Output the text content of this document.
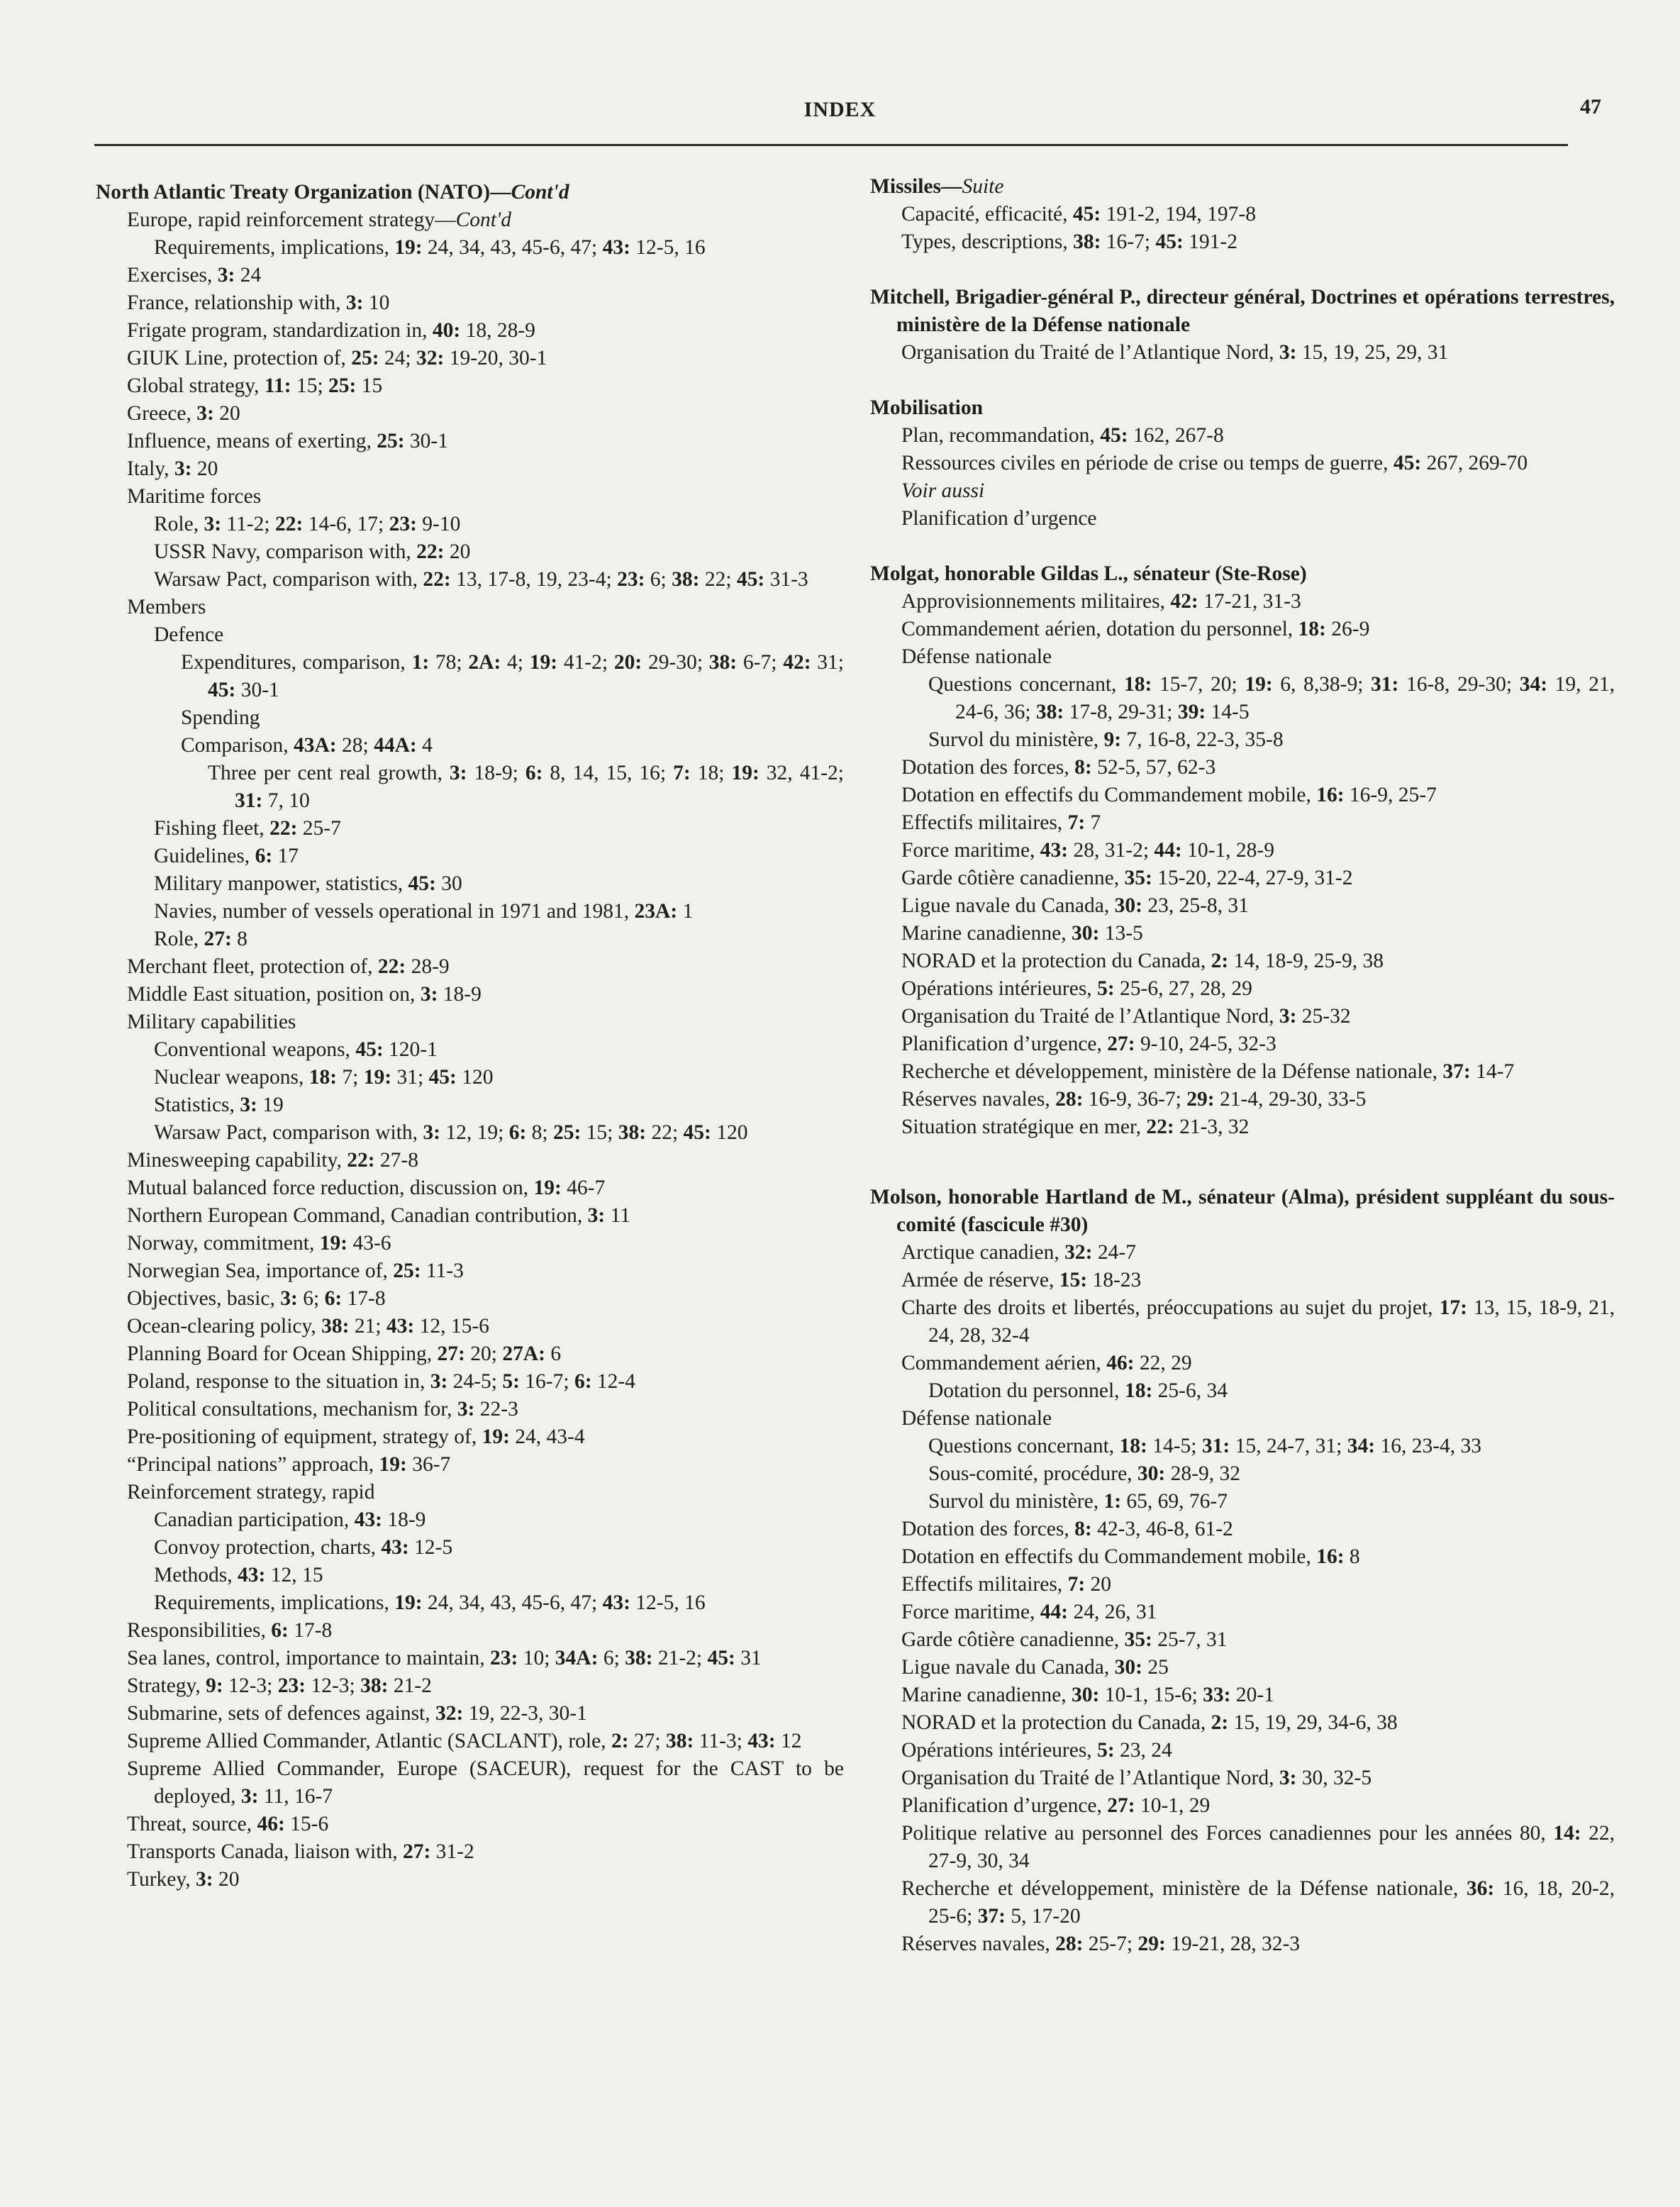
INDEX	47
North Atlantic Treaty Organization (NATO)—Cont'd
Europe, rapid reinforcement strategy—Cont'd
Requirements, implications, 19: 24, 34, 43, 45-6, 47; 43: 12-5, 16
Exercises, 3: 24
France, relationship with, 3: 10
Frigate program, standardization in, 40: 18, 28-9
GIUK Line, protection of, 25: 24; 32: 19-20, 30-1
Global strategy, 11: 15; 25: 15
Greece, 3: 20
Influence, means of exerting, 25: 30-1
Italy, 3: 20
Maritime forces
Role, 3: 11-2; 22: 14-6, 17; 23: 9-10
USSR Navy, comparison with, 22: 20
Warsaw Pact, comparison with, 22: 13, 17-8, 19, 23-4; 23: 6; 38: 22; 45: 31-3
Members
Defence
Expenditures, comparison, 1: 78; 2A: 4; 19: 41-2; 20: 29-30; 38: 6-7; 42: 31; 45: 30-1
Spending
Comparison, 43A: 28; 44A: 4
Three per cent real growth, 3: 18-9; 6: 8, 14, 15, 16; 7: 18; 19: 32, 41-2; 31: 7, 10
Fishing fleet, 22: 25-7
Guidelines, 6: 17
Military manpower, statistics, 45: 30
Navies, number of vessels operational in 1971 and 1981, 23A: 1
Role, 27: 8
Merchant fleet, protection of, 22: 28-9
Middle East situation, position on, 3: 18-9
Military capabilities
Conventional weapons, 45: 120-1
Nuclear weapons, 18: 7; 19: 31; 45: 120
Statistics, 3: 19
Warsaw Pact, comparison with, 3: 12, 19; 6: 8; 25: 15; 38: 22; 45: 120
Minesweeping capability, 22: 27-8
Mutual balanced force reduction, discussion on, 19: 46-7
Northern European Command, Canadian contribution, 3: 11
Norway, commitment, 19: 43-6
Norwegian Sea, importance of, 25: 11-3
Objectives, basic, 3: 6; 6: 17-8
Ocean-clearing policy, 38: 21; 43: 12, 15-6
Planning Board for Ocean Shipping, 27: 20; 27A: 6
Poland, response to the situation in, 3: 24-5; 5: 16-7; 6: 12-4
Political consultations, mechanism for, 3: 22-3
Pre-positioning of equipment, strategy of, 19: 24, 43-4
“Principal nations” approach, 19: 36-7
Reinforcement strategy, rapid
Canadian participation, 43: 18-9
Convoy protection, charts, 43: 12-5
Methods, 43: 12, 15
Requirements, implications, 19: 24, 34, 43, 45-6, 47; 43: 12-5, 16
Responsibilities, 6: 17-8
Sea lanes, control, importance to maintain, 23: 10; 34A: 6; 38: 21-2; 45: 31
Strategy, 9: 12-3; 23: 12-3; 38: 21-2
Submarine, sets of defences against, 32: 19, 22-3, 30-1
Supreme Allied Commander, Atlantic (SACLANT), role, 2: 27; 38: 11-3; 43: 12
Supreme Allied Commander, Europe (SACEUR), request for the CAST to be deployed, 3: 11, 16-7
Threat, source, 46: 15-6
Transports Canada, liaison with, 27: 31-2
Turkey, 3: 20
Missiles—Suite
Capacité, efficacité, 45: 191-2, 194, 197-8
Types, descriptions, 38: 16-7; 45: 191-2
Mitchell, Brigadier-général P., directeur général, Doctrines et opérations terrestres, ministère de la Défense nationale
Organisation du Traité de l’Atlantique Nord, 3: 15, 19, 25, 29, 31
Mobilisation
Plan, recommandation, 45: 162, 267-8
Ressources civiles en période de crise ou temps de guerre, 45: 267, 269-70
Voir aussi
Planification d’urgence
Molgat, honorable Gildas L., sénateur (Ste-Rose)
Approvisionnements militaires, 42: 17-21, 31-3
Commandement aérien, dotation du personnel, 18: 26-9
Défense nationale
Questions concernant, 18: 15-7, 20; 19: 6, 8,38-9; 31: 16-8, 29-30; 34: 19, 21, 24-6, 36; 38: 17-8, 29-31; 39: 14-5
Survol du ministère, 9: 7, 16-8, 22-3, 35-8
Dotation des forces, 8: 52-5, 57, 62-3
Dotation en effectifs du Commandement mobile, 16: 16-9, 25-7
Effectifs militaires, 7: 7
Force maritime, 43: 28, 31-2; 44: 10-1, 28-9
Garde côtière canadienne, 35: 15-20, 22-4, 27-9, 31-2
Ligue navale du Canada, 30: 23, 25-8, 31
Marine canadienne, 30: 13-5
NORAD et la protection du Canada, 2: 14, 18-9, 25-9, 38
Opérations intérieures, 5: 25-6, 27, 28, 29
Organisation du Traité de l’Atlantique Nord, 3: 25-32
Planification d’urgence, 27: 9-10, 24-5, 32-3
Recherche et développement, ministère de la Défense nationale, 37: 14-7
Réserves navales, 28: 16-9, 36-7; 29: 21-4, 29-30, 33-5
Situation stratégique en mer, 22: 21-3, 32
Molson, honorable Hartland de M., sénateur (Alma), président suppléant du sous-comité (fascicule #30)
Arctique canadien, 32: 24-7
Armée de réserve, 15: 18-23
Charte des droits et libertés, préoccupations au sujet du projet, 17: 13, 15, 18-9, 21, 24, 28, 32-4
Commandement aérien, 46: 22, 29
Dotation du personnel, 18: 25-6, 34
Défense nationale
Questions concernant, 18: 14-5; 31: 15, 24-7, 31; 34: 16, 23-4, 33
Sous-comité, procédure, 30: 28-9, 32
Survol du ministère, 1: 65, 69, 76-7
Dotation des forces, 8: 42-3, 46-8, 61-2
Dotation en effectifs du Commandement mobile, 16: 8
Effectifs militaires, 7: 20
Force maritime, 44: 24, 26, 31
Garde côtière canadienne, 35: 25-7, 31
Ligue navale du Canada, 30: 25
Marine canadienne, 30: 10-1, 15-6; 33: 20-1
NORAD et la protection du Canada, 2: 15, 19, 29, 34-6, 38
Opérations intérieures, 5: 23, 24
Organisation du Traité de l’Atlantique Nord, 3: 30, 32-5
Planification d’urgence, 27: 10-1, 29
Politique relative au personnel des Forces canadiennes pour les années 80, 14: 22, 27-9, 30, 34
Recherche et développement, ministère de la Défense nationale, 36: 16, 18, 20-2, 25-6; 37: 5, 17-20
Réserves navales, 28: 25-7; 29: 19-21, 28, 32-3
